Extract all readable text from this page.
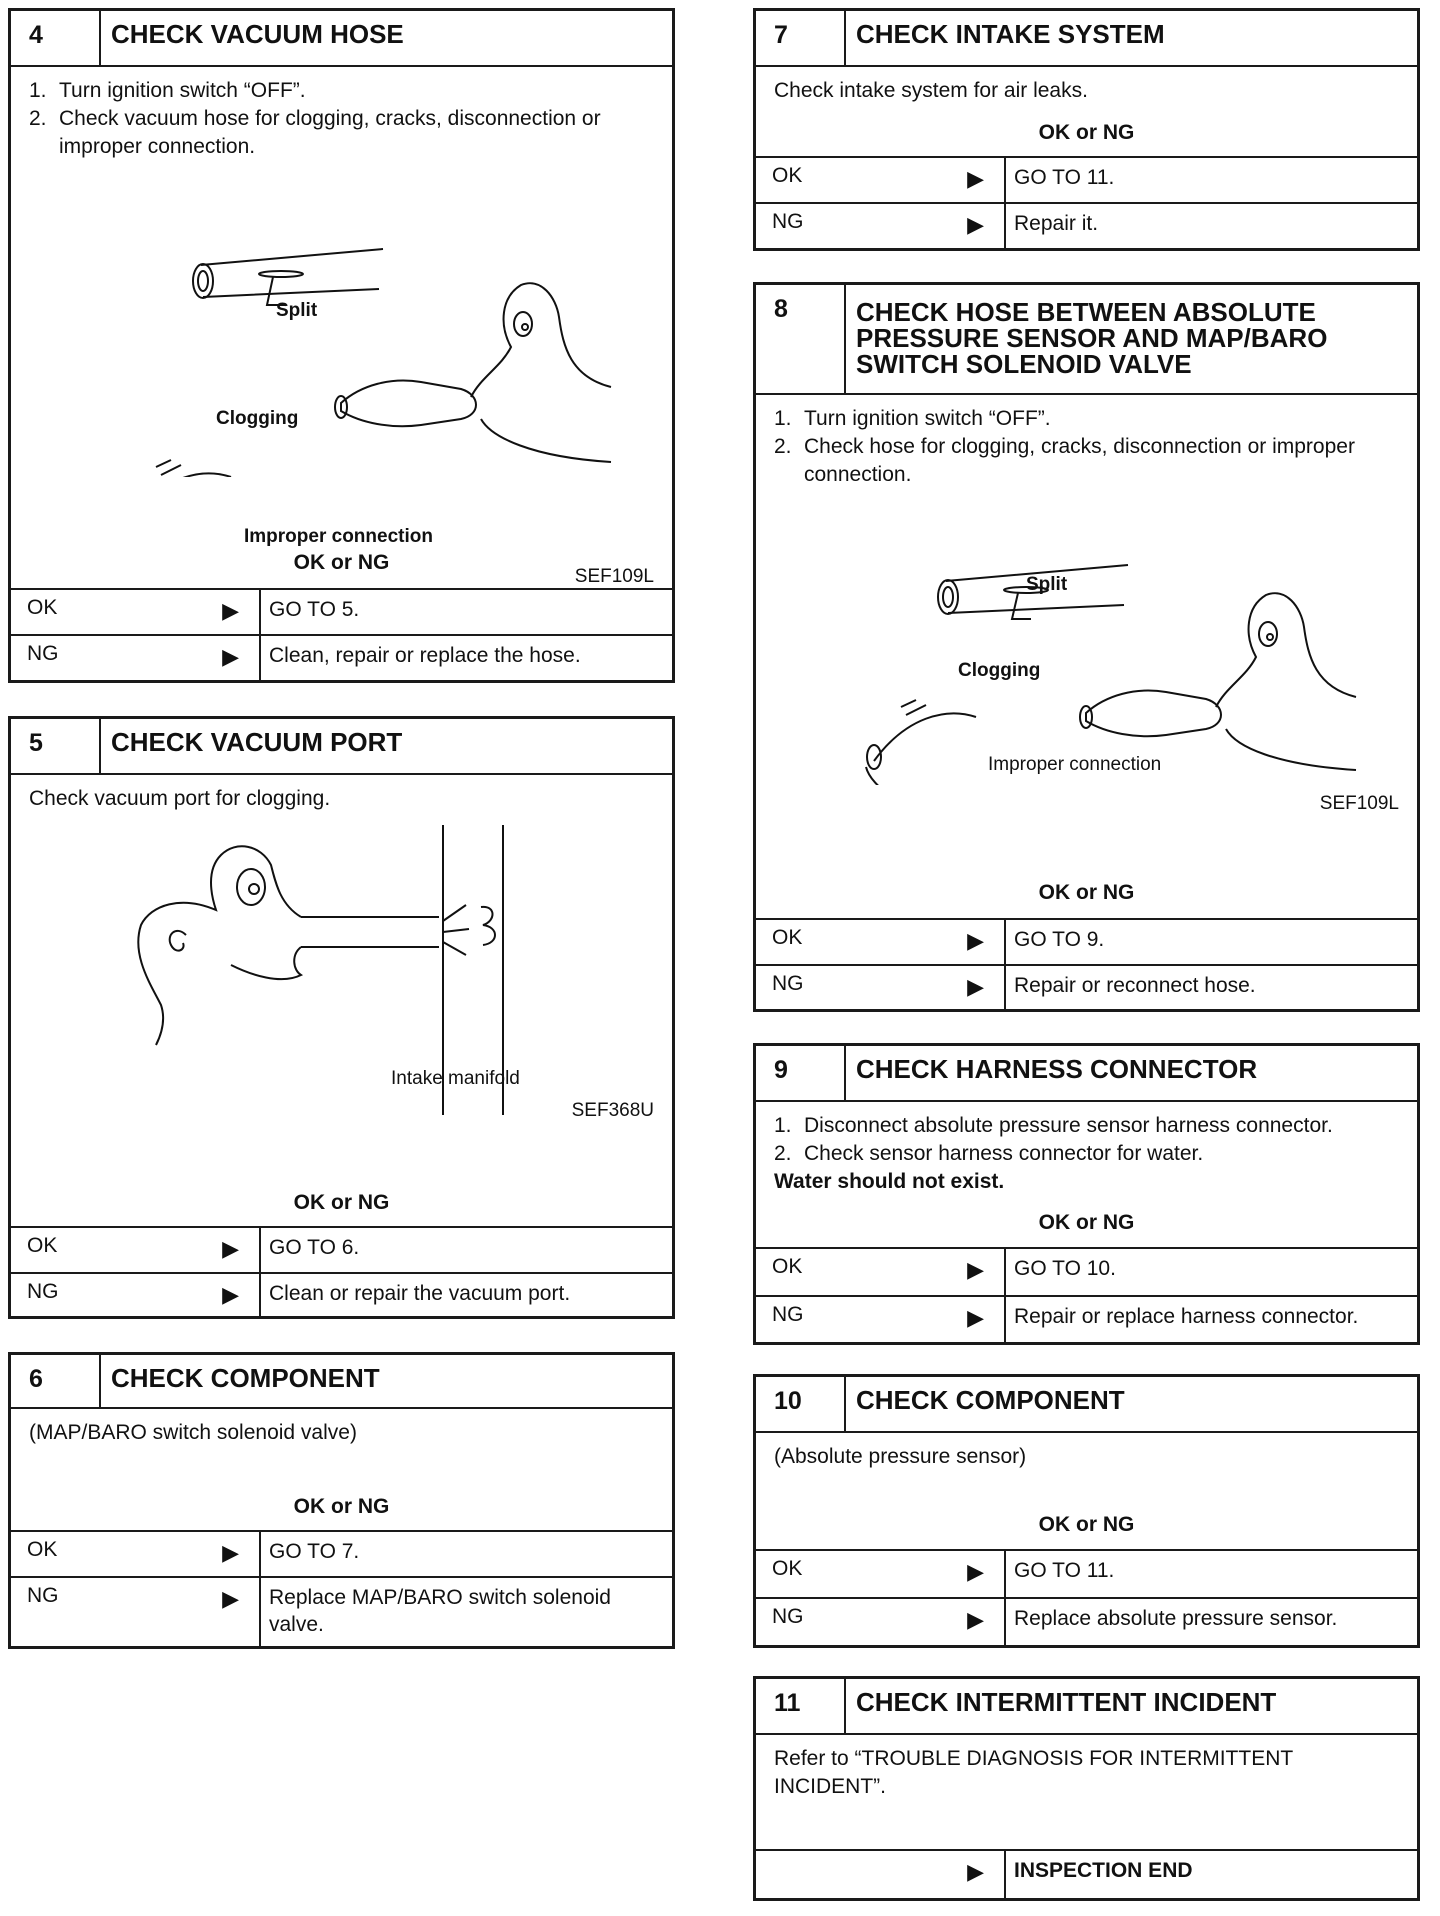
4	CHECK VACUUM HOSE
1. Turn ignition switch “OFF”.
2. Check vacuum hose for clogging, cracks, disconnection or improper connection.
Split
Clogging
Improper connection
SEF109L
OK or NG
OK	▶	GO TO 5.
NG	▶	Clean, repair or replace the hose.
5	CHECK VACUUM PORT
Check vacuum port for clogging.
Intake manifold
SEF368U
OK or NG
OK	▶	GO TO 6.
NG	▶	Clean or repair the vacuum port.
6	CHECK COMPONENT
(MAP/BARO switch solenoid valve)
OK or NG
OK	▶	GO TO 7.
NG	▶	Replace MAP/BARO switch solenoid valve.
7	CHECK INTAKE SYSTEM
Check intake system for air leaks.
OK or NG
OK	▶	GO TO 11.
NG	▶	Repair it.
8	CHECK HOSE BETWEEN ABSOLUTE PRESSURE SENSOR AND MAP/BARO SWITCH SOLENOID VALVE
1. Turn ignition switch “OFF”.
2. Check hose for clogging, cracks, disconnection or improper connection.
Split
Clogging
Improper connection
SEF109L
OK or NG
OK	▶	GO TO 9.
NG	▶	Repair or reconnect hose.
9	CHECK HARNESS CONNECTOR
1. Disconnect absolute pressure sensor harness connector.
2. Check sensor harness connector for water.
Water should not exist.
OK or NG
OK	▶	GO TO 10.
NG	▶	Repair or replace harness connector.
10	CHECK COMPONENT
(Absolute pressure sensor)
OK or NG
OK	▶	GO TO 11.
NG	▶	Replace absolute pressure sensor.
11	CHECK INTERMITTENT INCIDENT
Refer to “TROUBLE DIAGNOSIS FOR INTERMITTENT INCIDENT”.
▶	INSPECTION END
